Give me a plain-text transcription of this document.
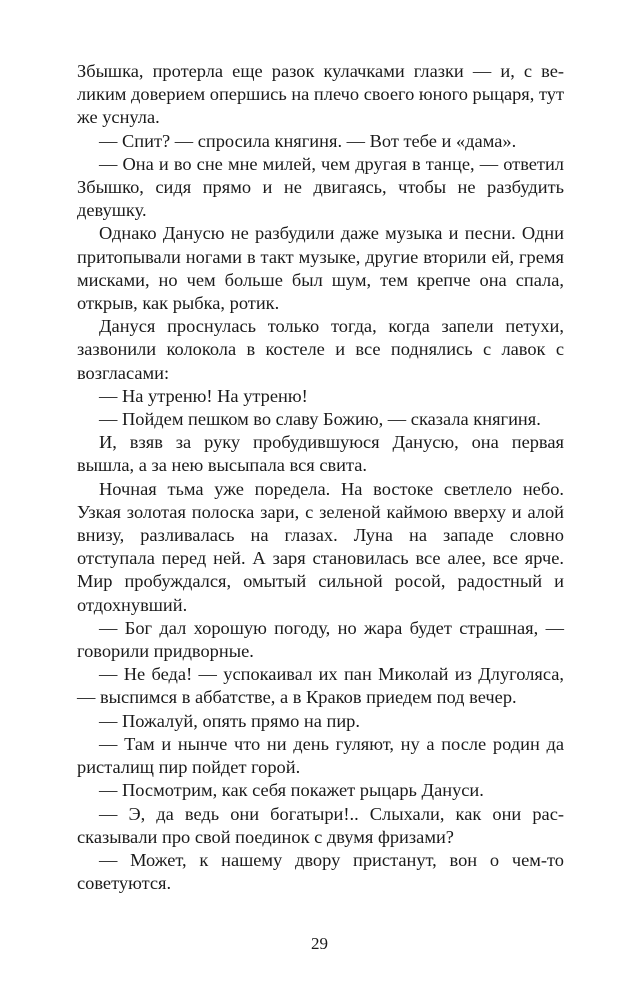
Збышка, протерла еще разок кулачками глазки — и, с великим доверием опершись на плечо своего юного рыцаря, тут же уснула.

— Спит? — спросила княгиня. — Вот тебе и «дама».

— Она и во сне мне милей, чем другая в танце, — ответил Збышко, сидя прямо и не двигаясь, чтобы не разбудить девушку.

Однако Данусю не разбудили даже музыка и песни. Одни притопывали ногами в такт музыке, другие вторили ей, гремя мисками, но чем больше был шум, тем крепче она спала, открыв, как рыбка, ротик.

Дануся проснулась только тогда, когда запели петухи, зазвонили колокола в костеле и все поднялись с лавок с возгласами:

— На утреню! На утреню!

— Пойдем пешком во славу Божию, — сказала княгиня.

И, взяв за руку пробудившуюся Данусю, она первая вышла, а за нею высыпала вся свита.

Ночная тьма уже поредела. На востоке светлело небо. Узкая золотая полоска зари, с зеленой каймою вверху и алой внизу, разливалась на глазах. Луна на западе словно отступала перед ней. А заря становилась все алее, все ярче. Мир пробуждался, омытый сильной росой, радостный и отдохнувший.

— Бог дал хорошую погоду, но жара будет страшная, — говорили придворные.

— Не беда! — успокаивал их пан Миколай из Длуголяса, — выспимся в аббатстве, а в Краков приедем под вечер.

— Пожалуй, опять прямо на пир.

— Там и нынче что ни день гуляют, ну а после родин да ристалищ пир пойдет горой.

— Посмотрим, как себя покажет рыцарь Дануси.

— Э, да ведь они богатыри!.. Слыхали, как они рассказывали про свой поединок с двумя фризами?

— Может, к нашему двору пристанут, вон о чем-то советуются.

29
